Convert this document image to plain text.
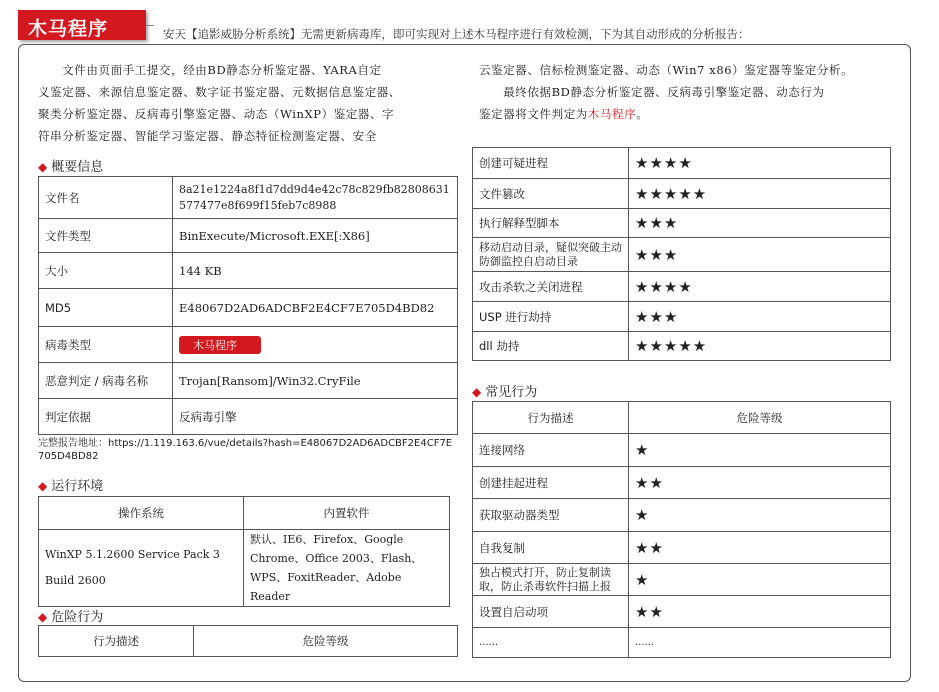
木马程序	安天【追影威胁分析系统】无需更新病毒库，即可实现对上述木马程序进行有效检测，下为其自动形成的分析报告：
　　文件由页面手工提交，经由BD静态分析鉴定器、YARA自定
义鉴定器、来源信息鉴定器、数字证书鉴定器、元数据信息鉴定器、
聚类分析鉴定器、反病毒引擎鉴定器、动态（WinXP）鉴定器、字
符串分析鉴定器、智能学习鉴定器、静态特征检测鉴定器、安全
云鉴定器、信标检测鉴定器、动态（Win7 x86）鉴定器等鉴定分析。
　　最终依据BD静态分析鉴定器、反病毒引擎鉴定器、动态行为
鉴定器将文件判定为木马程序。
◆ 概要信息
文件名	8a21e1224a8f1d7dd9d4e42c78c829fb82808631
577477e8f699f15feb7c8988

文件类型	BinExecute/Microsoft.EXE[:X86]
大小	144 KB
MD5	E48067D2AD6ADCBF2E4CF7E705D4BD82
病毒类型	木马程序
恶意判定 / 病毒名称	Trojan[Ransom]/Win32.CryFile
判定依据	反病毒引擎
完整报告地址：https://1.119.163.6/vue/details?hash=E48067D2AD6ADCBF2E4CF7E705D4BD82
◆ 运行环境
操作系统	内置软件
WinXP 5.1.2600 Service Pack 3 Build 2600	默认、IE6、Firefox、Google Chrome、Office 2003、Flash、WPS、FoxitReader、Adobe Reader
◆ 危险行为
行为描述	危险等级
创建可疑进程	★★★★
文件篡改	★★★★★
执行解释型脚本	★★★
移动启动目录，疑似突破主动防御监控自启动目录	★★★
攻击杀软之关闭进程	★★★★
USP 进行劫持	★★★
dll 劫持	★★★★★
◆ 常见行为
行为描述	危险等级
连接网络	★
创建挂起进程	★★
获取驱动器类型	★
自我复制	★★
独占模式打开，防止复制读取，防止杀毒软件扫描上报	★
设置自启动项	★★
......	......
